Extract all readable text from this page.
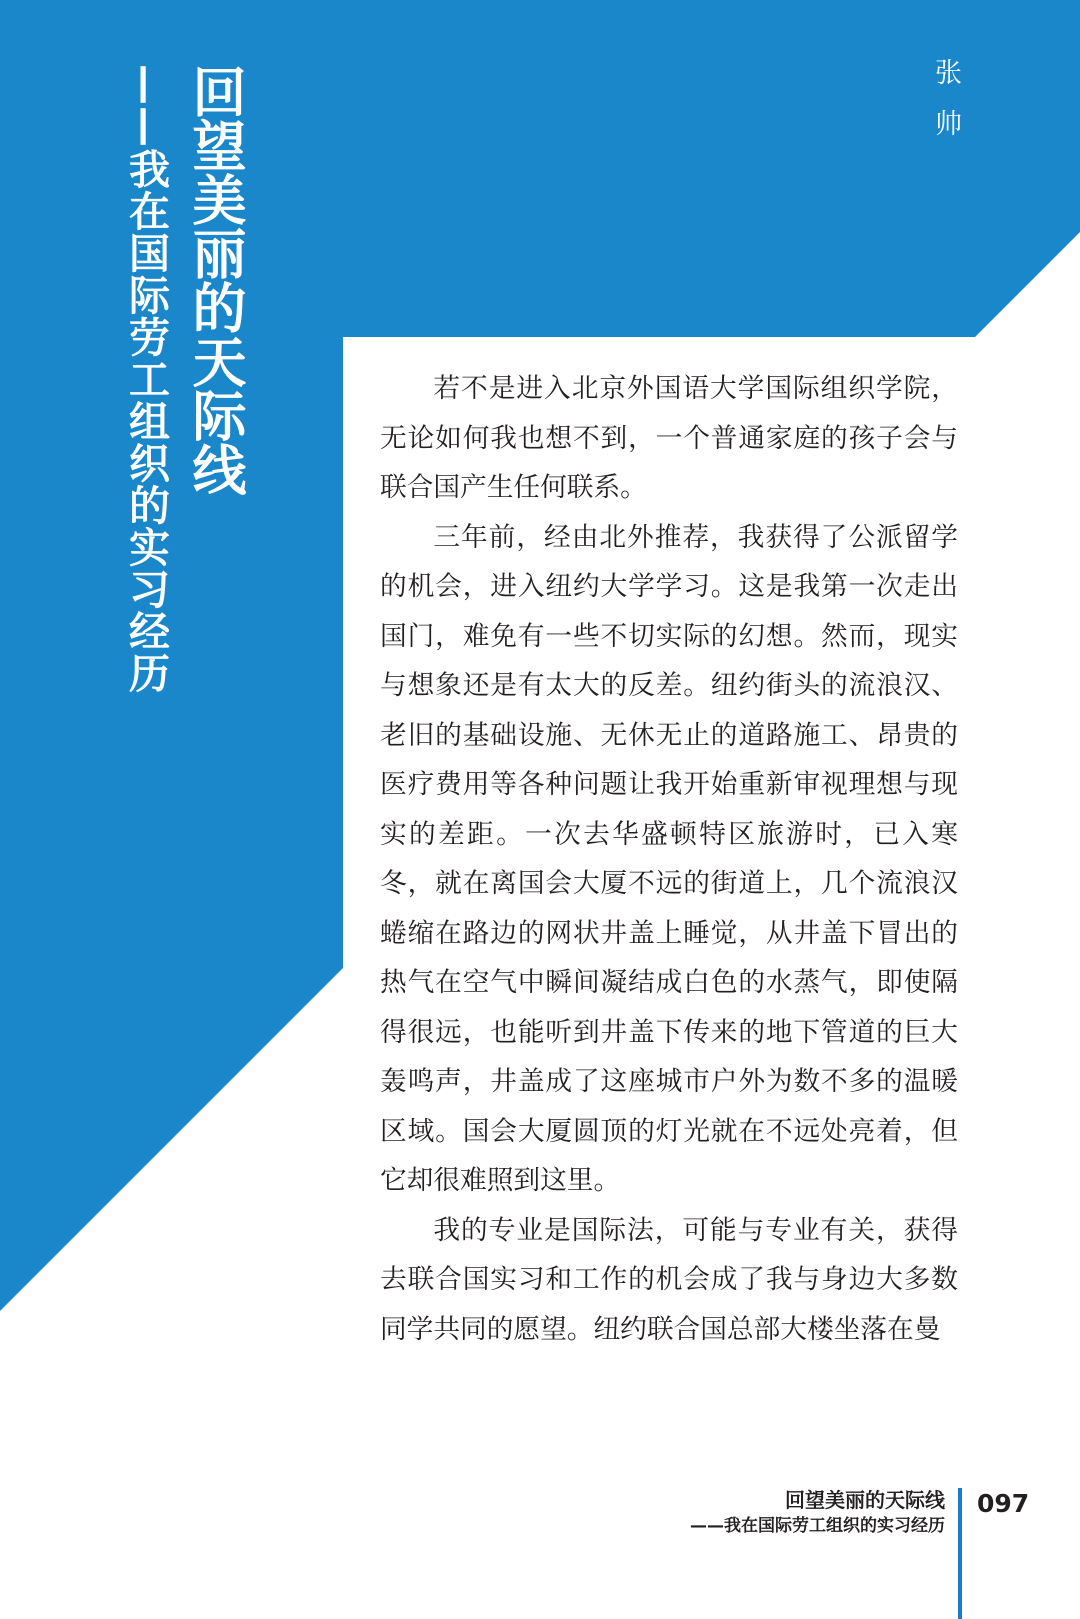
回望美丽的天际线
——我在国际劳工组织的实习经历	张帅

若不是进入北京外国语大学国际组织学院，无论如何我也想不到，一个普通家庭的孩子会与联合国产生任何联系。

三年前，经由北外推荐，我获得了公派留学的机会，进入纽约大学学习。这是我第一次走出国门，难免有一些不切实际的幻想。然而，现实与想象还是有太大的反差。纽约街头的流浪汉、老旧的基础设施、无休无止的道路施工、昂贵的医疗费用等各种问题让我开始重新审视理想与现实的差距。一次去华盛顿特区旅游时，已入寒冬，就在离国会大厦不远的街道上，几个流浪汉蜷缩在路边的网状井盖上睡觉，从井盖下冒出的热气在空气中瞬间凝结成白色的水蒸气，即使隔得很远，也能听到井盖下传来的地下管道的巨大轰鸣声，井盖成了这座城市户外为数不多的温暖区域。国会大厦圆顶的灯光就在不远处亮着，但它却很难照到这里。

我的专业是国际法，可能与专业有关，获得去联合国实习和工作的机会成了我与身边大多数同学共同的愿望。纽约联合国总部大楼坐落在曼

回望美丽的天际线
——我在国际劳工组织的实习经历
097
